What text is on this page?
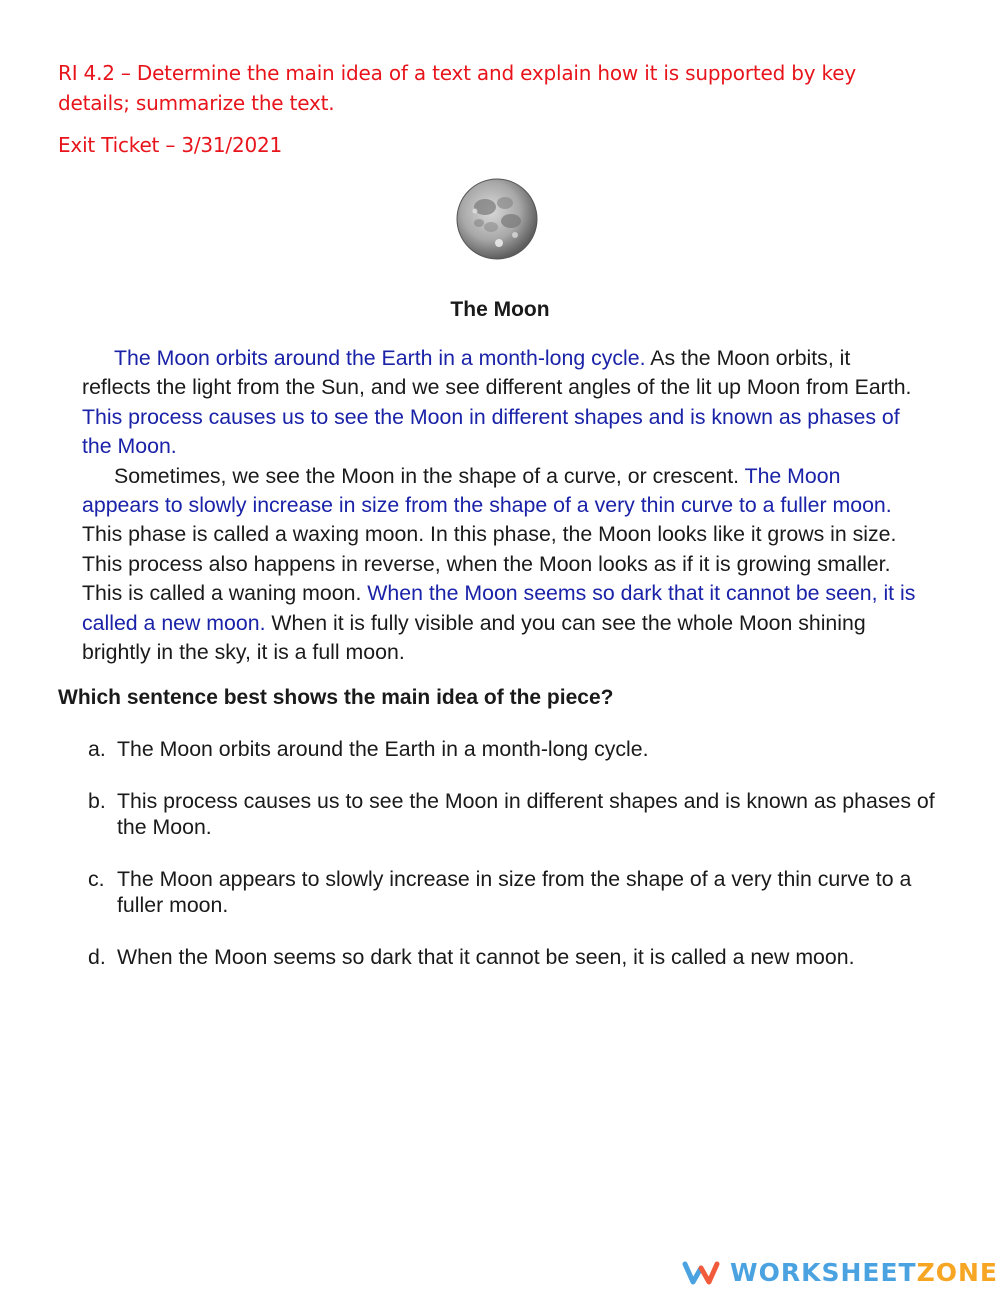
RI 4.2 – Determine the main idea of a text and explain how it is supported by key details; summarize the text.
Exit Ticket – 3/31/2021
The Moon

The Moon orbits around the Earth in a month-long cycle. As the Moon orbits, it reflects the light from the Sun, and we see different angles of the lit up Moon from Earth. This process causes us to see the Moon in different shapes and is known as phases of the Moon.

Sometimes, we see the Moon in the shape of a curve, or crescent. The Moon appears to slowly increase in size from the shape of a very thin curve to a fuller moon. This phase is called a waxing moon. In this phase, the Moon looks like it grows in size. This process also happens in reverse, when the Moon looks as if it is growing smaller. This is called a waning moon. When the Moon seems so dark that it cannot be seen, it is called a new moon. When it is fully visible and you can see the whole Moon shining brightly in the sky, it is a full moon.

Which sentence best shows the main idea of the piece?
a. The Moon orbits around the Earth in a month-long cycle.
b. This process causes us to see the Moon in different shapes and is known as phases of the Moon.
c. The Moon appears to slowly increase in size from the shape of a very thin curve to a fuller moon.
d. When the Moon seems so dark that it cannot be seen, it is called a new moon.
WORKSHEETZONE
